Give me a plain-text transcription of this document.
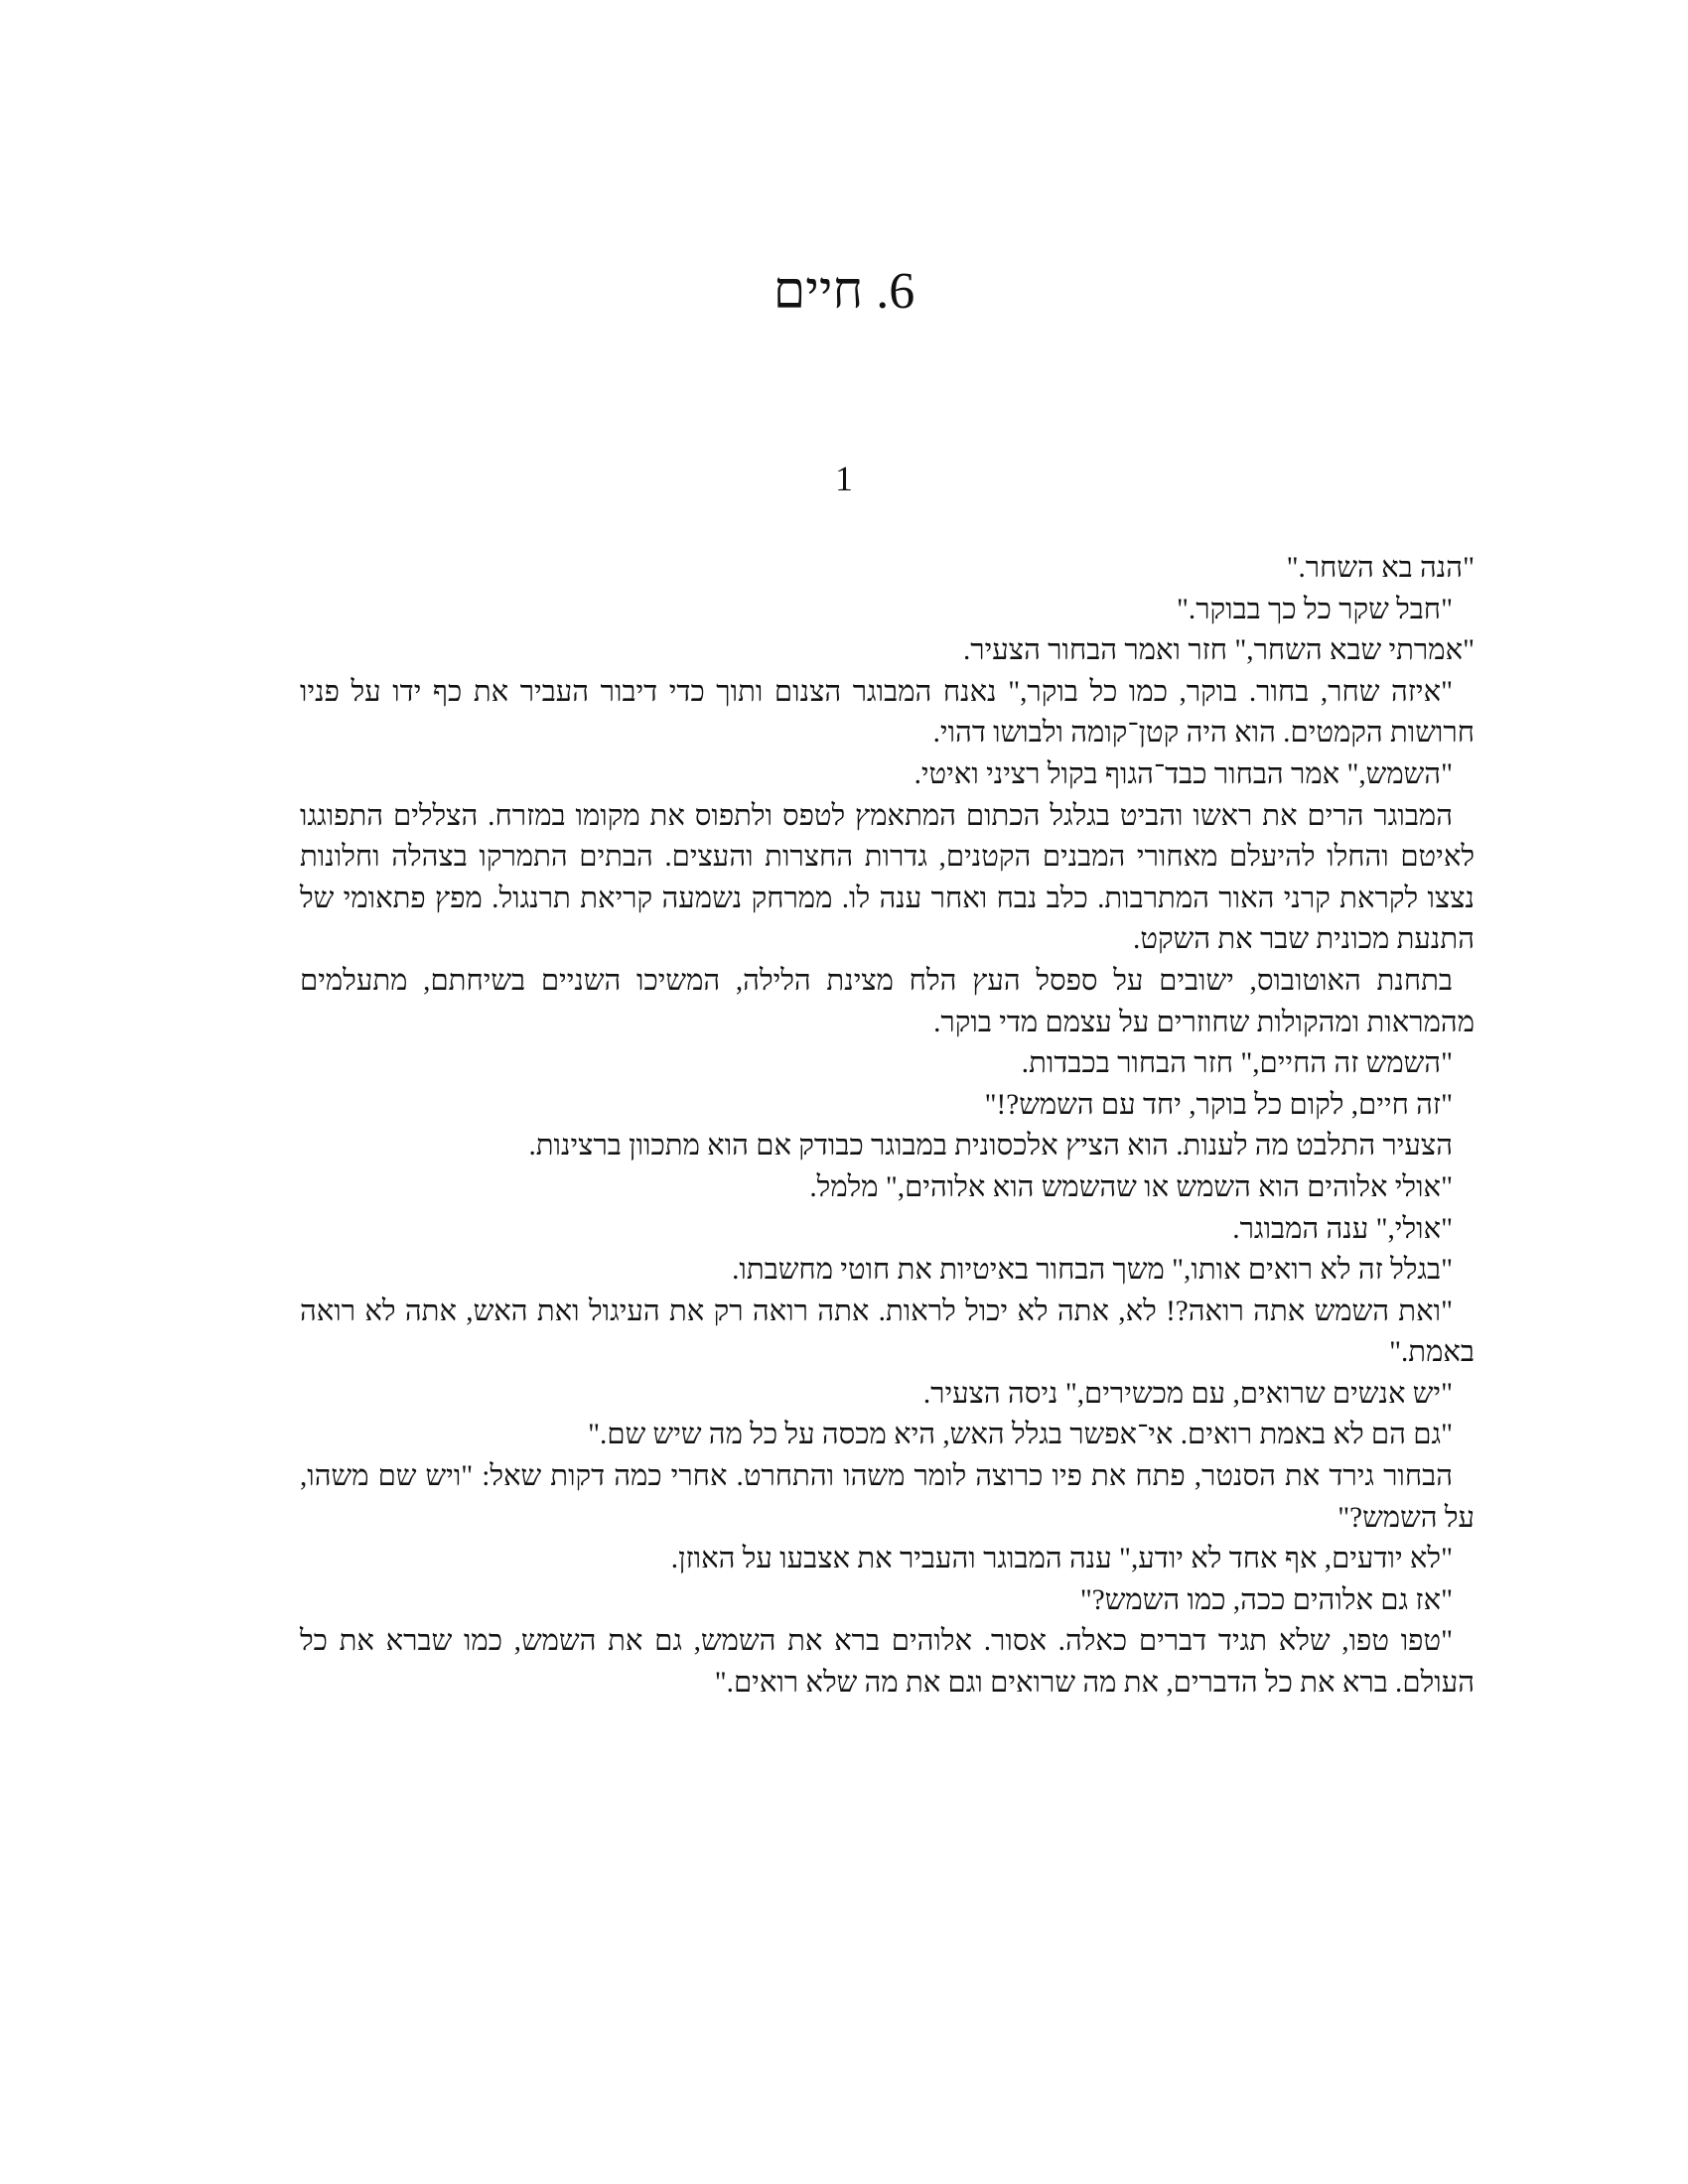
6. חיים
1

"הנה בא השחר."

"חבל שקר כל כך בבוקר."

"אמרתי שבא השחר," חזר ואמר הבחור הצעיר.

"איזה שחר, בחור. בוקר, כמו כל בוקר," נאנח המבוגר הצנום ותוך כדי דיבור העביר את כף ידו על פניו חרושות הקמטים. הוא היה קטן־קומה ולבושו דהוי.

"השמש," אמר הבחור כבד־הגוף בקול רציני ואיטי.

המבוגר הרים את ראשו והביט בגלגל הכתום המתאמץ לטפס ולתפוס את מקומו במזרח. הצללים התפוגגו לאיטם והחלו להיעלם מאחורי המבנים הקטנים, גדרות החצרות והעצים. הבתים התמרקו בצהלה וחלונות נצצו לקראת קרני האור המתרבות. כלב נבח ואחר ענה לו. ממרחק נשמעה קריאת תרנגול. מפץ פתאומי של התנעת מכונית שבר את השקט.

בתחנת האוטובוס, ישובים על ספסל העץ הלח מצינת הלילה, המשיכו השניים בשיחתם, מתעלמים מהמראות ומהקולות שחוזרים על עצמם מדי בוקר.

"השמש זה החיים," חזר הבחור בכבדות.

"זה חיים, לקום כל בוקר, יחד עם השמש?!"

הצעיר התלבט מה לענות. הוא הציץ אלכסונית במבוגר כבודק אם הוא מתכוון ברצינות.

"אולי אלוהים הוא השמש או שהשמש הוא אלוהים," מלמל.

"אולי," ענה המבוגר.

"בגלל זה לא רואים אותו," משך הבחור באיטיות את חוטי מחשבתו.

"ואת השמש אתה רואה?! לא, אתה לא יכול לראות. אתה רואה רק את העיגול ואת האש, אתה לא רואה באמת."

"יש אנשים שרואים, עם מכשירים," ניסה הצעיר.

"גם הם לא באמת רואים. אי־אפשר בגלל האש, היא מכסה על כל מה שיש שם."

הבחור גירד את הסנטר, פתח את פיו כרוצה לומר משהו והתחרט. אחרי כמה דקות שאל: "ויש שם משהו, על השמש?"

"לא יודעים, אף אחד לא יודע," ענה המבוגר והעביר את אצבעו על האוזן.

"אז גם אלוהים ככה, כמו השמש?"

"טפו טפו, שלא תגיד דברים כאלה. אסור. אלוהים ברא את השמש, גם את השמש, כמו שברא את כל העולם. ברא את כל הדברים, את מה שרואים וגם את מה שלא רואים."
